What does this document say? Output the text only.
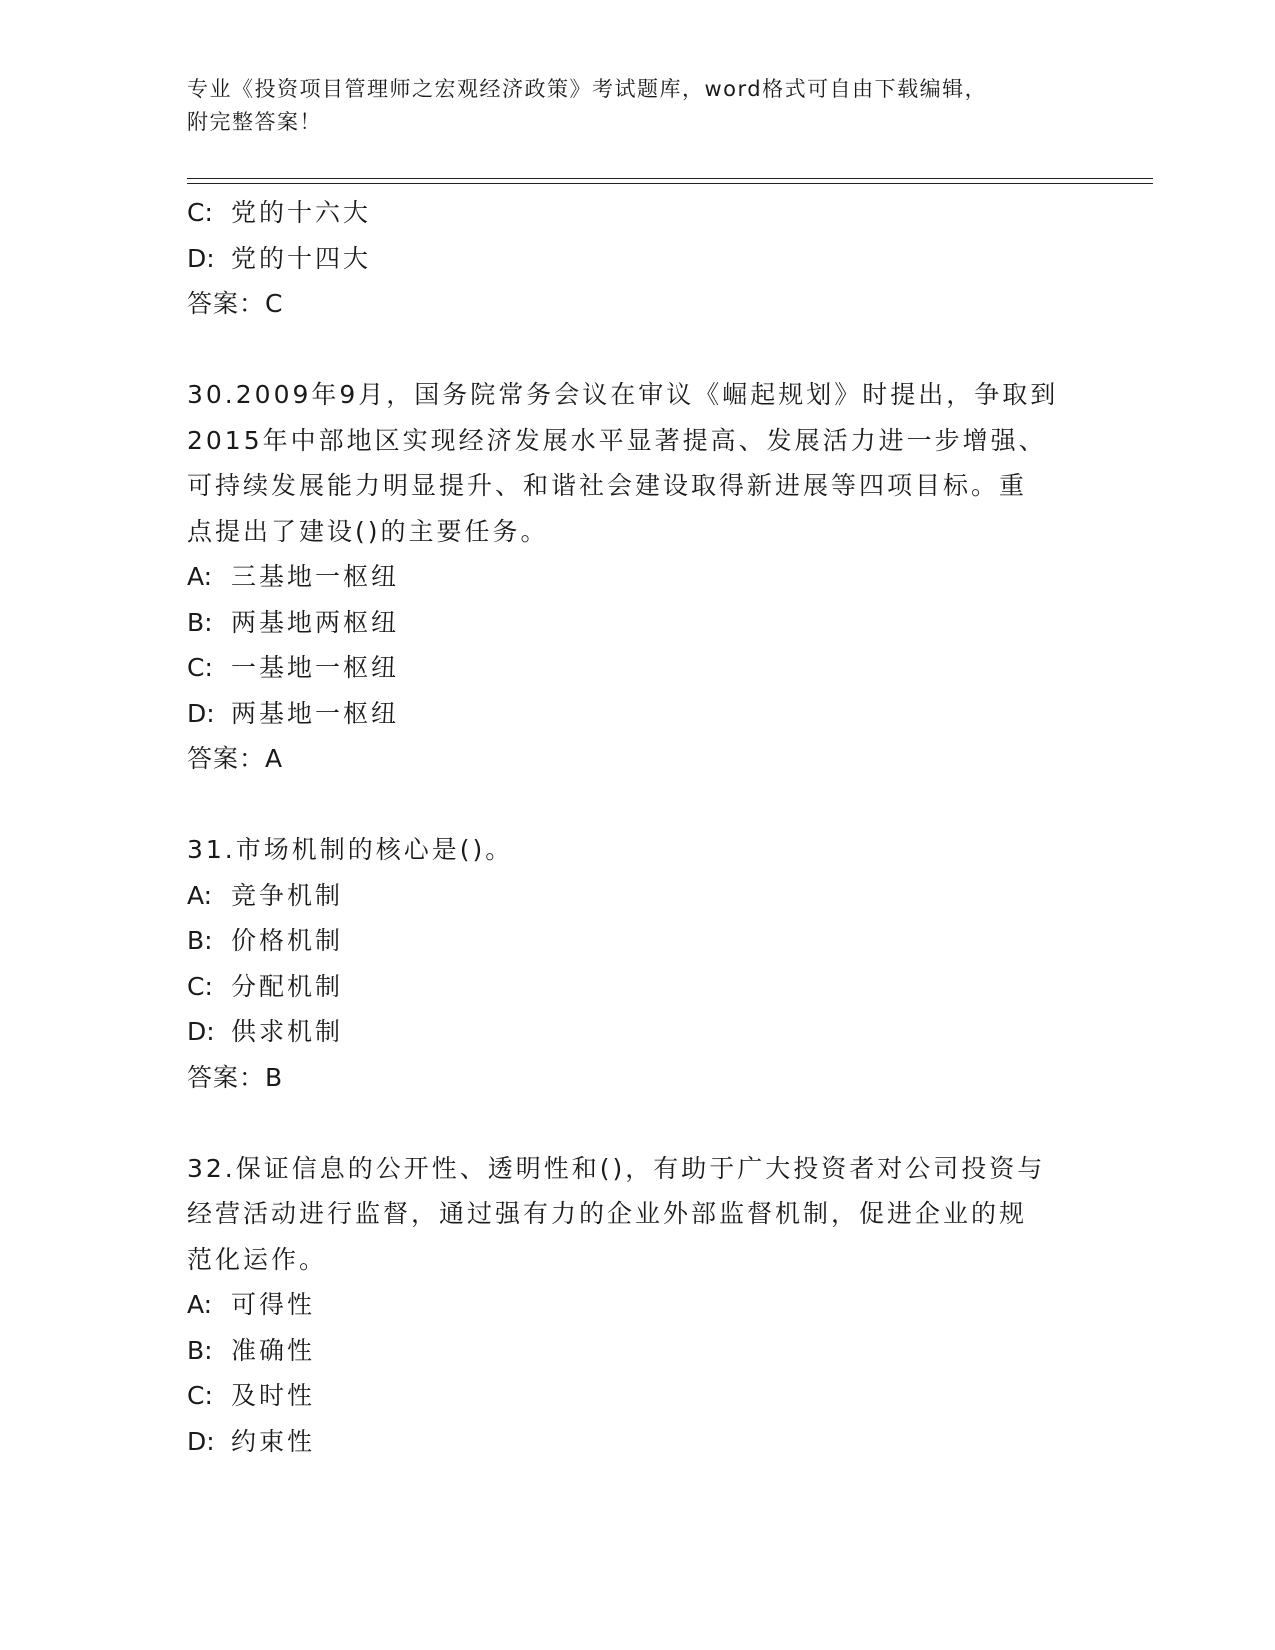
专业《投资项目管理师之宏观经济政策》考试题库，word格式可自由下载编辑，
附完整答案！
C: 党的十六大
D: 党的十四大
答案：C
30.2009年9月，国务院常务会议在审议《崛起规划》时提出，争取到
2015年中部地区实现经济发展水平显著提高、发展活力进一步增强、
可持续发展能力明显提升、和谐社会建设取得新进展等四项目标。重
点提出了建设()的主要任务。
A: 三基地一枢纽
B: 两基地两枢纽
C: 一基地一枢纽
D: 两基地一枢纽
答案：A
31.市场机制的核心是()。
A: 竞争机制
B: 价格机制
C: 分配机制
D: 供求机制
答案：B
32.保证信息的公开性、透明性和()，有助于广大投资者对公司投资与
经营活动进行监督，通过强有力的企业外部监督机制，促进企业的规
范化运作。
A: 可得性
B: 准确性
C: 及时性
D: 约束性
